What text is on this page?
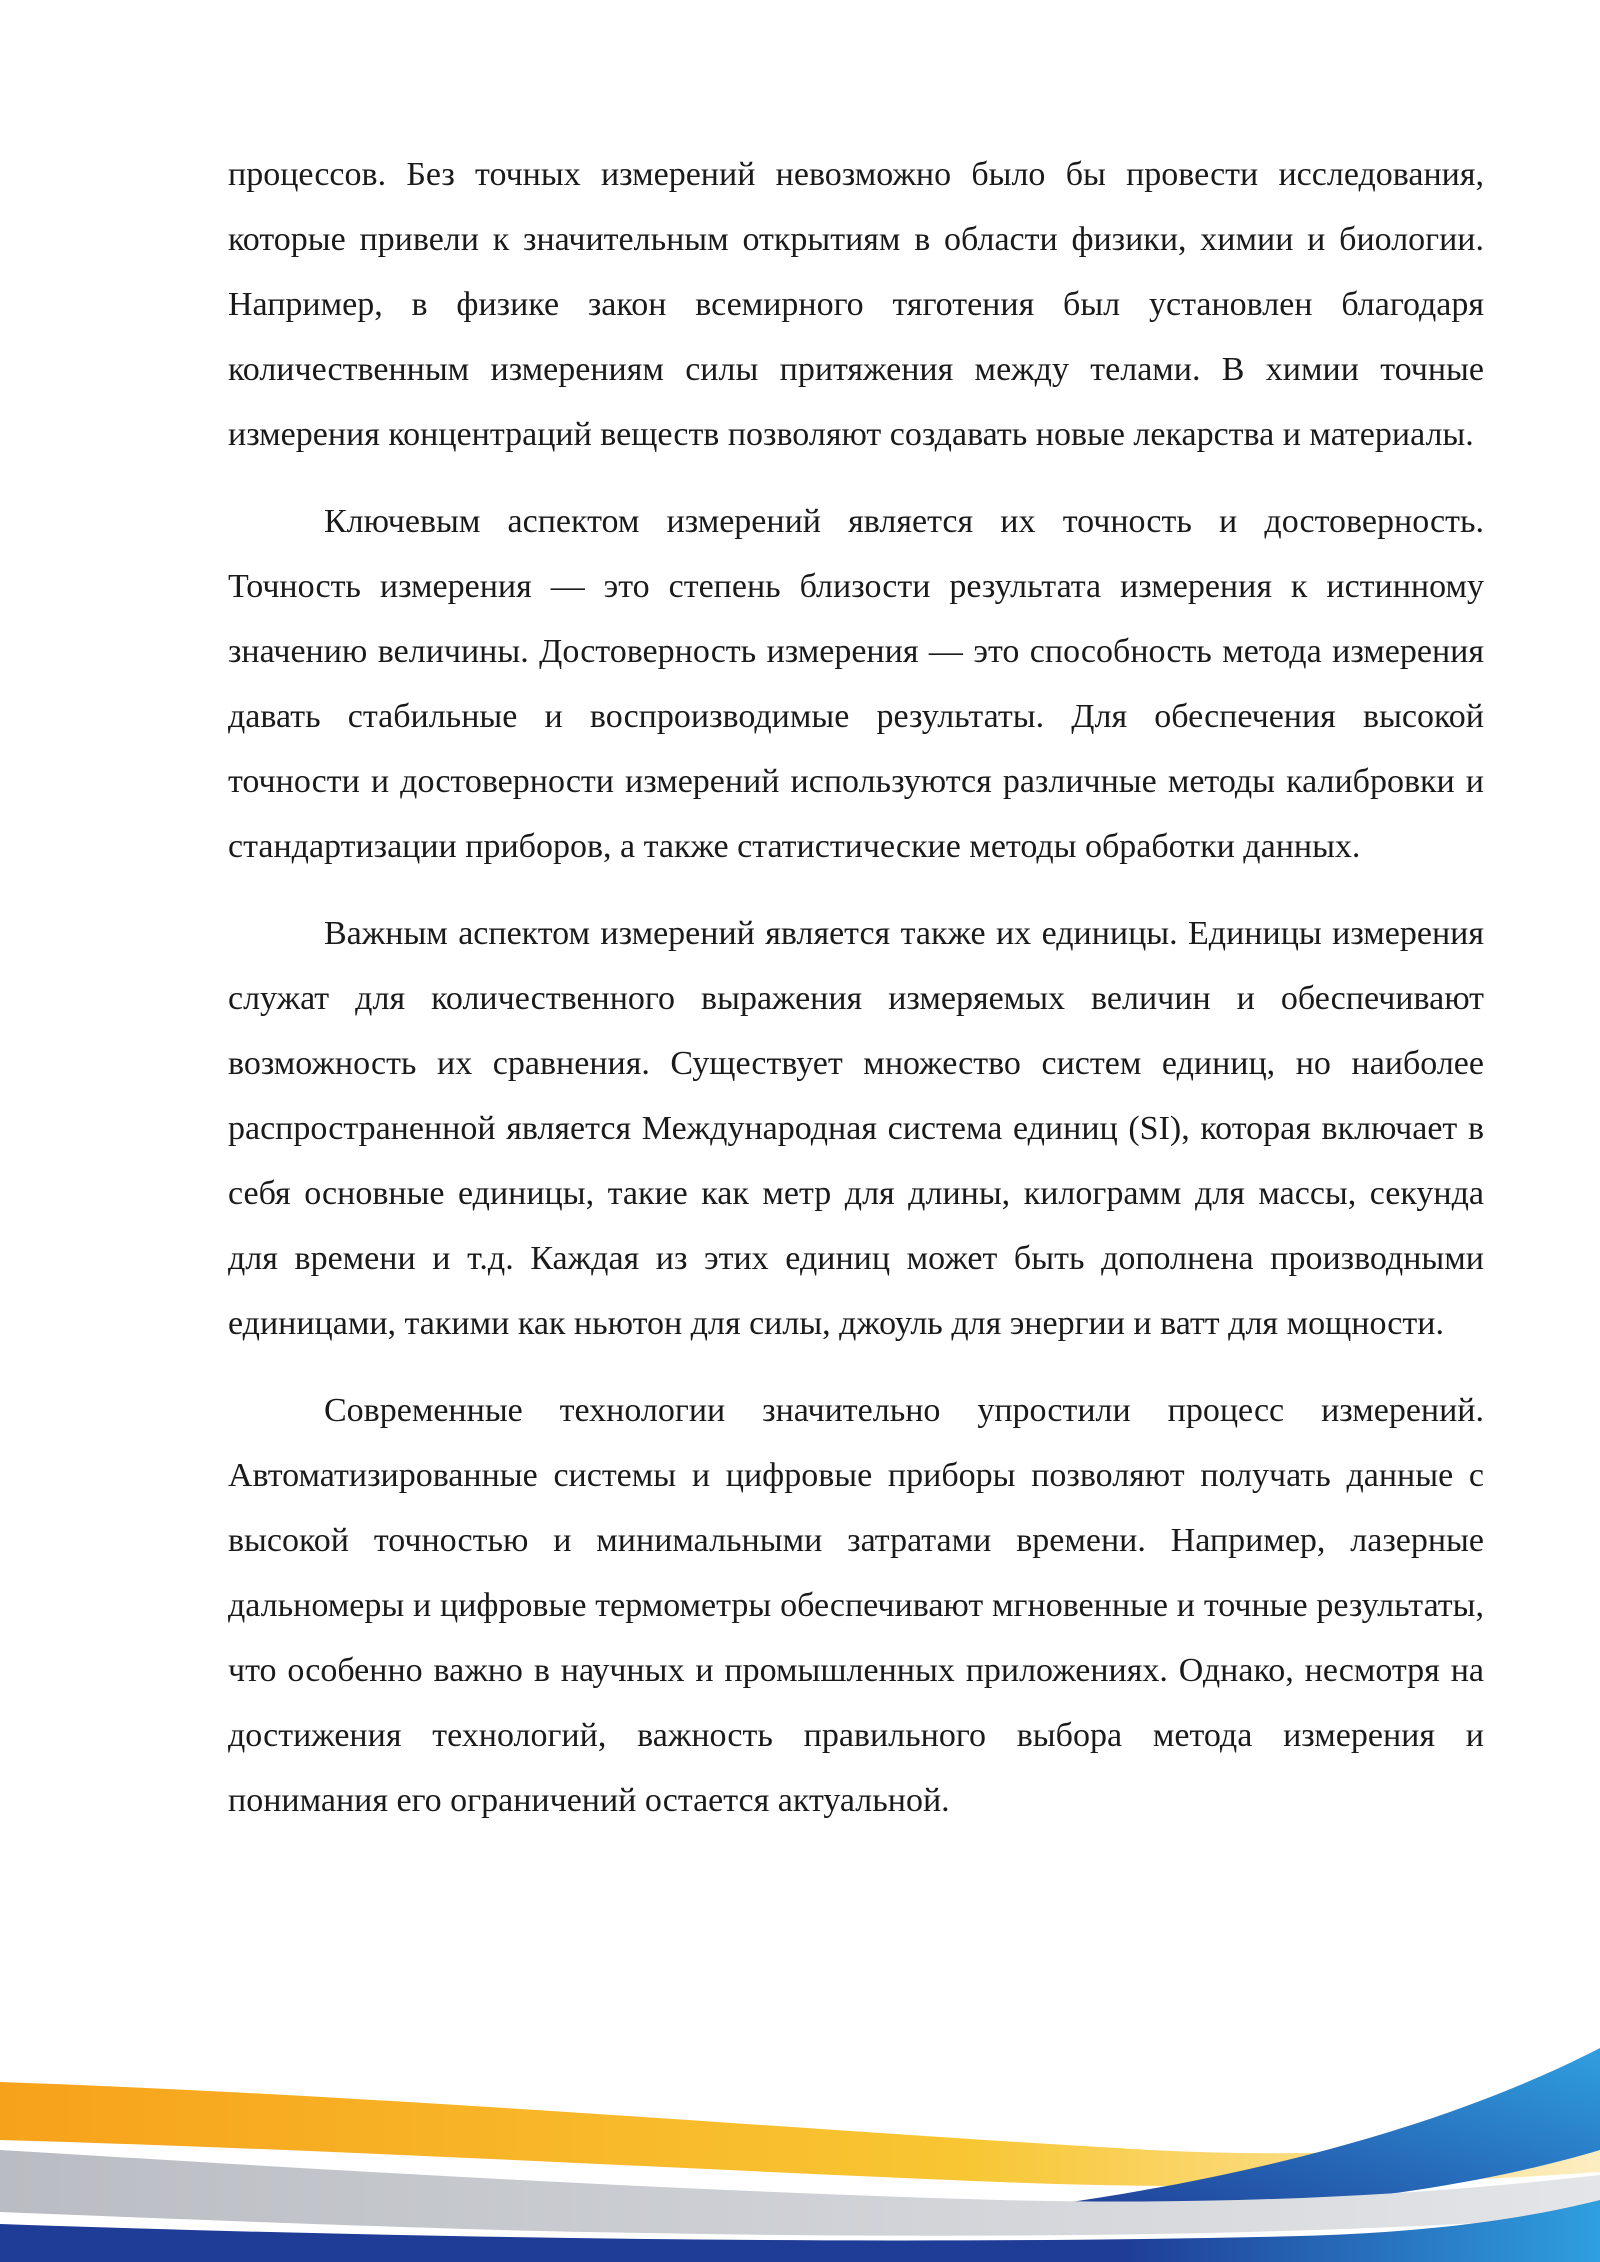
процессов. Без точных измерений невозможно было бы провести исследования, которые привели к значительным открытиям в области физики, химии и биологии. Например, в физике закон всемирного тяготения был установлен благодаря количественным измерениям силы притяжения между телами. В химии точные измерения концентраций веществ позволяют создавать новые лекарства и материалы.

Ключевым аспектом измерений является их точность и достоверность. Точность измерения — это степень близости результата измерения к истинному значению величины. Достоверность измерения — это способность метода измерения давать стабильные и воспроизводимые результаты. Для обеспечения высокой точности и достоверности измерений используются различные методы калибровки и стандартизации приборов, а также статистические методы обработки данных.

Важным аспектом измерений является также их единицы. Единицы измерения служат для количественного выражения измеряемых величин и обеспечивают возможность их сравнения. Существует множество систем единиц, но наиболее распространенной является Международная система единиц (SI), которая включает в себя основные единицы, такие как метр для длины, килограмм для массы, секунда для времени и т.д. Каждая из этих единиц может быть дополнена производными единицами, такими как ньютон для силы, джоуль для энергии и ватт для мощности.

Современные технологии значительно упростили процесс измерений. Автоматизированные системы и цифровые приборы позволяют получать данные с высокой точностью и минимальными затратами времени. Например, лазерные дальномеры и цифровые термометры обеспечивают мгновенные и точные результаты, что особенно важно в научных и промышленных приложениях. Однако, несмотря на достижения технологий, важность правильного выбора метода измерения и понимания его ограничений остается актуальной.
